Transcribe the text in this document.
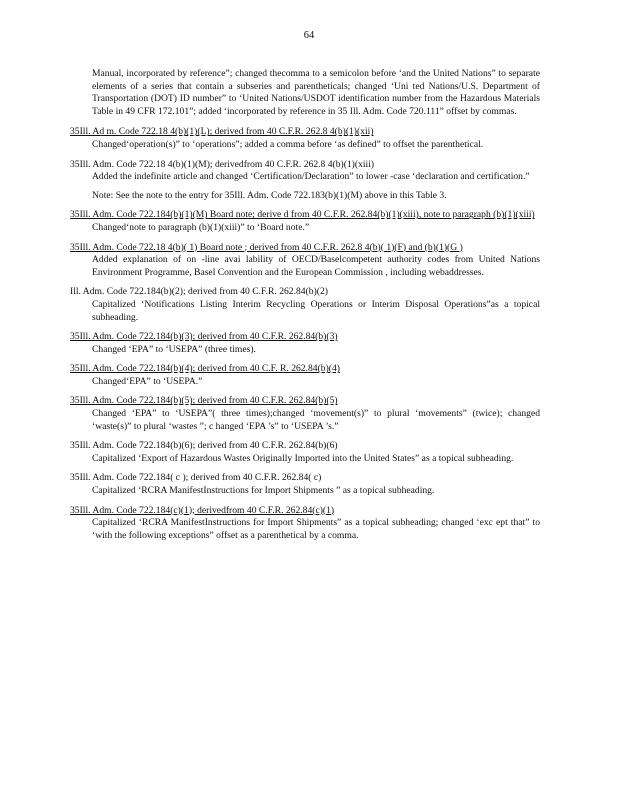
64
Manual, incorporated by reference”; changed thecomma to a semicolon before ‘and the United Nations” to separate elements of a series that contain a subseries and parentheticals; changed ‘Uni ted Nations/U.S. Department of Transportation (DOT) ID number” to ‘United Nations/USDOT identification number from the Hazardous Materials Table in 49 CFR 172.101”; added ‘incorporated by reference in 35 Ill. Adm. Code 720.111” offset by commas.
35Ill. Ad m. Code 722.18 4(b)(1)(L); derived from 40 C.F.R. 262.8 4(b)(1)(xii)
Changed‘operation(s)” to ‘operations”; added a comma before ‘as defined” to offset the parenthetical.
35Ill. Adm. Code 722.18 4(b)(1)(M); derivedfrom 40 C.F.R. 262.8 4(b)(1)(xiii)
Added the indefinite article and changed ‘Certification/Declaration” to lower -case ‘declaration and certification.”
Note: See the note to the entry for 35Ill. Adm. Code 722.183(b)(1)(M) above in this Table 3.
35Ill. Adm. Code 722.184(b)(1)(M) Board note; derive d from 40 C.F.R. 262.84(b)(1)(xiii), note to paragraph (b)(1)(xiii)
Changed‘note to paragraph (b)(1)(xiii)” to ‘Board note.”
35Ill. Adm. Code 722.18 4(b)( 1) Board note ; derived from 40 C.F.R. 262.8 4(b)( 1)(F) and (b)(1)(G )
Added explanation of on -line avai lability of OECD/Baselcompetent authority codes from United Nations Environment Programme, Basel Convention and the European Commission , including webaddresses.
Ill. Adm. Code 722.184(b)(2); derived from 40 C.F.R. 262.84(b)(2)
Capitalized ‘Notifications Listing Interim Recycling Operations or Interim Disposal Operations”as a topical subheading.
35Ill. Adm. Code 722.184(b)(3); derived from 40 C.F.R. 262.84(b)(3)
Changed ‘EPA” to ‘USEPA” (three times).
35Ill. Adm. Code 722.184(b)(4); derived from 40 C.F. R. 262.84(b)(4)
Changed‘EPA” to ‘USEPA.”
35Ill. Adm. Code 722.184(b)(5); derived from 40 C.F.R. 262.84(b)(5)
Changed ‘EPA” to ‘USEPA”( three times);changed ‘movement(s)” to plural ‘movements” (twice); changed ‘waste(s)” to plural ‘wastes ”; c hanged ‘EPA ’s” to ‘USEPA ’s.”
35Ill. Adm. Code 722.184(b)(6); derived from 40 C.F.R. 262.84(b)(6)
Capitalized ‘Export of Hazardous Wastes Originally Imported into the United States” as a topical subheading.
35Ill. Adm. Code 722.184( c ); derived from 40 C.F.R. 262.84( c)
Capitalized ‘RCRA ManifestInstructions for Import Shipments ” as a topical subheading.
35Ill. Adm. Code 722.184(c)(1); derivedfrom 40 C.F.R. 262.84(c)(1)
Capitalized ‘RCRA ManifestInstructions for Import Shipments” as a topical subheading; changed ‘exc ept that” to ‘with the following exceptions” offset as a parenthetical by a comma.
